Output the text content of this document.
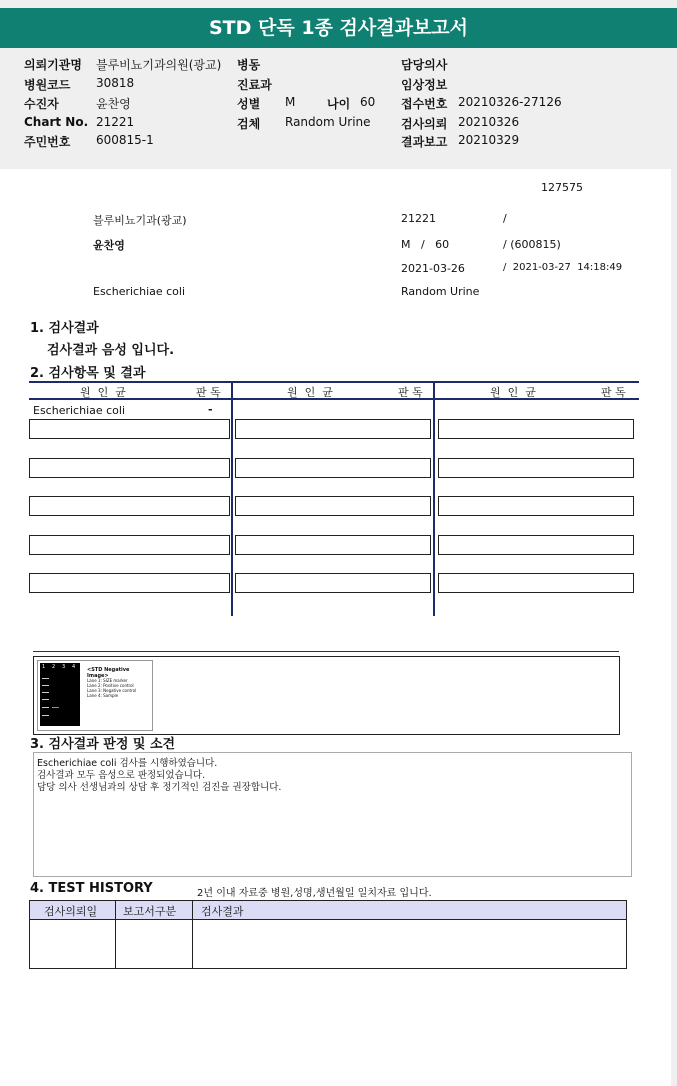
STD 단독 1종 검사결과보고서
의뢰기관명 블루비뇨기과의원(광교)
병원코드 30818
수진자	윤찬영
Chart No. 21221
주민번호 600815-1
병동
진료과
성별 M	나이 60
검체 Random Urine
담당의사
임상정보
접수번호 20210326-27126
검사의뢰 20210326
결과보고 20210329
127575
블루비뇨기과(광교)	21221	/
윤찬영	M   /   60	/ (600815)
2021-03-26	/  2021-03-27  14:18:49
Escherichiae coli	Random Urine
1. 검사결과
검사결과 음성 입니다.
2. 검사항목 및 결과
원  인  균	판 독	원  인  균	판 독	원  인  균	판 독
Escherichiae coli	-
1 2 3 4 <STD Negative Image>
Lane 1: SIZE marker
Lane 2: Positive control
Lane 3: Negative control
Lane 4: Sample
3. 검사결과 판정 및 소견
Escherichiae coli 검사를 시행하였습니다.
검사결과 모두 음성으로 판정되었습니다.
담당 의사 선생님과의 상담 후 정기적인 검진을 권장합니다.
4. TEST HISTORY	2년 이내 자료중 병원,성명,생년월일 일치자료 입니다.
검사의뢰일 보고서구분 검사결과
